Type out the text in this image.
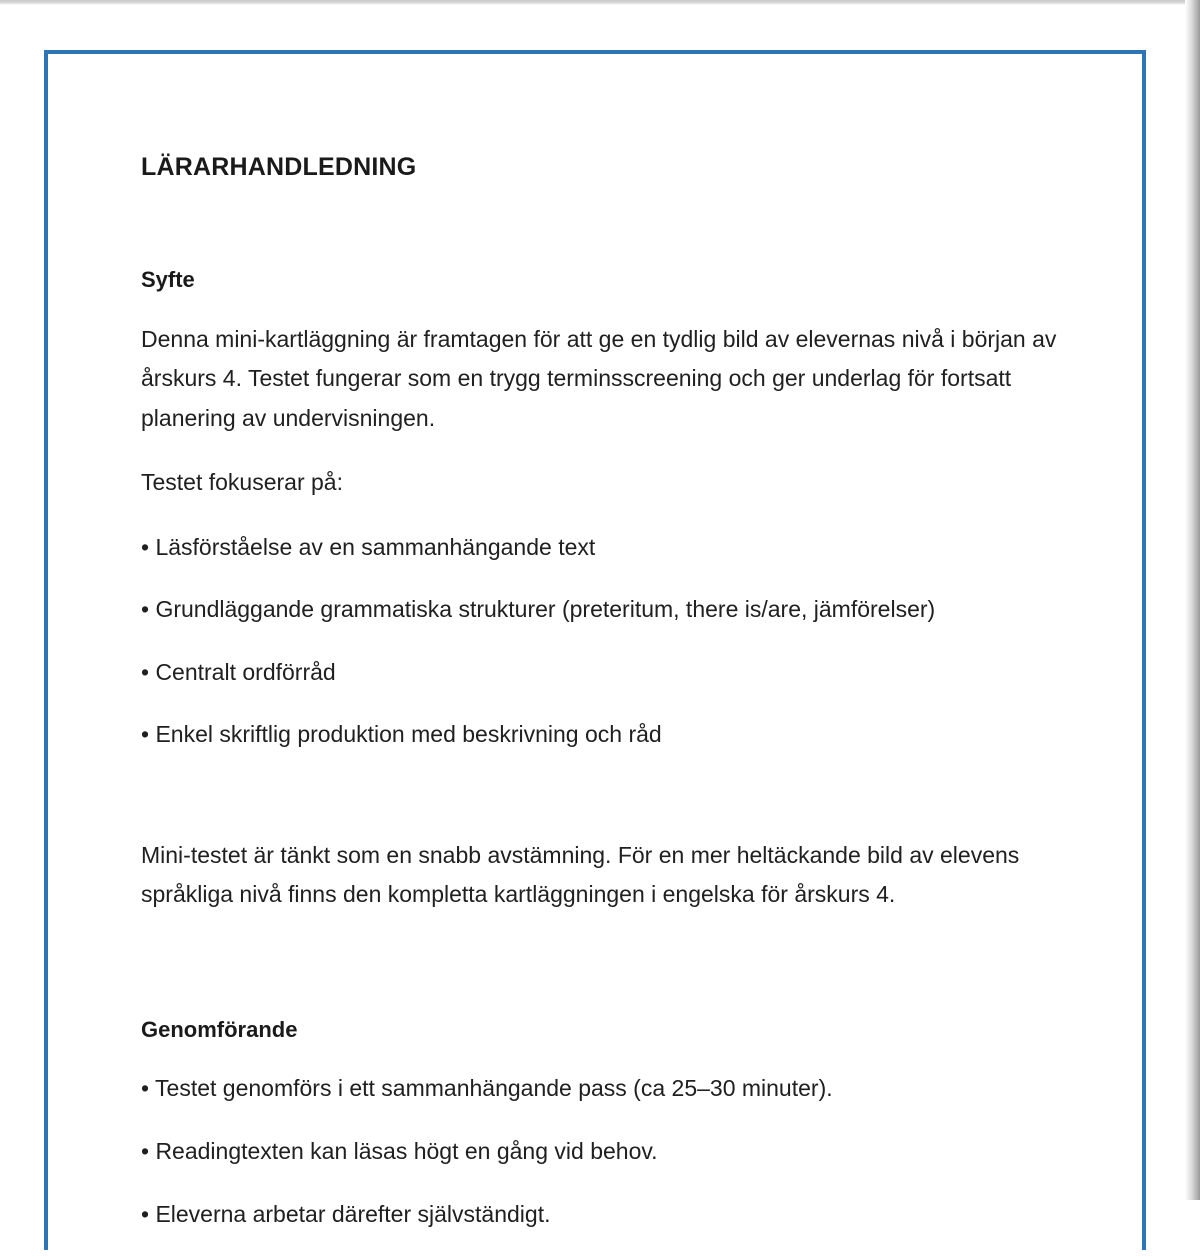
LÄRARHANDLEDNING
Syfte

Denna mini-kartläggning är framtagen för att ge en tydlig bild av elevernas nivå i början av årskurs 4. Testet fungerar som en trygg terminsscreening och ger underlag för fortsatt planering av undervisningen.

Testet fokuserar på:

• Läsförståelse av en sammanhängande text

• Grundläggande grammatiska strukturer (preteritum, there is/are, jämförelser)

• Centralt ordförråd

• Enkel skriftlig produktion med beskrivning och råd

Mini-testet är tänkt som en snabb avstämning. För en mer heltäckande bild av elevens språkliga nivå finns den kompletta kartläggningen i engelska för årskurs 4.

Genomförande

• Testet genomförs i ett sammanhängande pass (ca 25–30 minuter).

• Readingtexten kan läsas högt en gång vid behov.

• Eleverna arbetar därefter självständigt.
